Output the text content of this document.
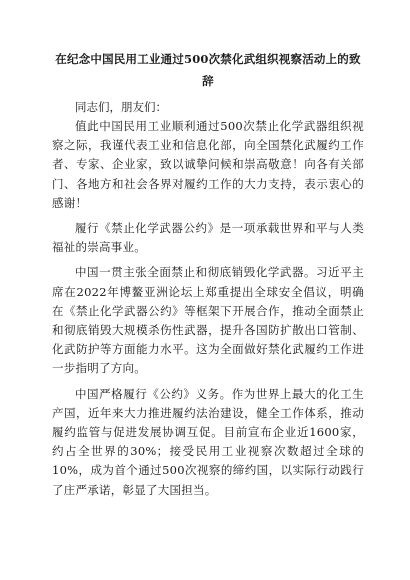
在纪念中国民用工业通过500次禁化武组织视察活动上的致辞

同志们，朋友们：

值此中国民用工业顺利通过500次禁止化学武器组织视察之际，我谨代表工业和信息化部，向全国禁化武履约工作者、专家、企业家，致以诚挚问候和崇高敬意！向各有关部门、各地方和社会各界对履约工作的大力支持，表示衷心的感谢！

履行《禁止化学武器公约》是一项承载世界和平与人类福祉的崇高事业。

中国一贯主张全面禁止和彻底销毁化学武器。习近平主席在2022年博鳌亚洲论坛上郑重提出全球安全倡议，明确在《禁止化学武器公约》等框架下开展合作，推动全面禁止和彻底销毁大规模杀伤性武器，提升各国防扩散出口管制、化武防护等方面能力水平。这为全面做好禁化武履约工作进一步指明了方向。

中国严格履行《公约》义务。作为世界上最大的化工生产国，近年来大力推进履约法治建设，健全工作体系，推动履约监管与促进发展协调互促。目前宣布企业近1600家，约占全世界的30%；接受民用工业视察次数超过全球的10%，成为首个通过500次视察的缔约国，以实际行动践行了庄严承诺，彰显了大国担当。
